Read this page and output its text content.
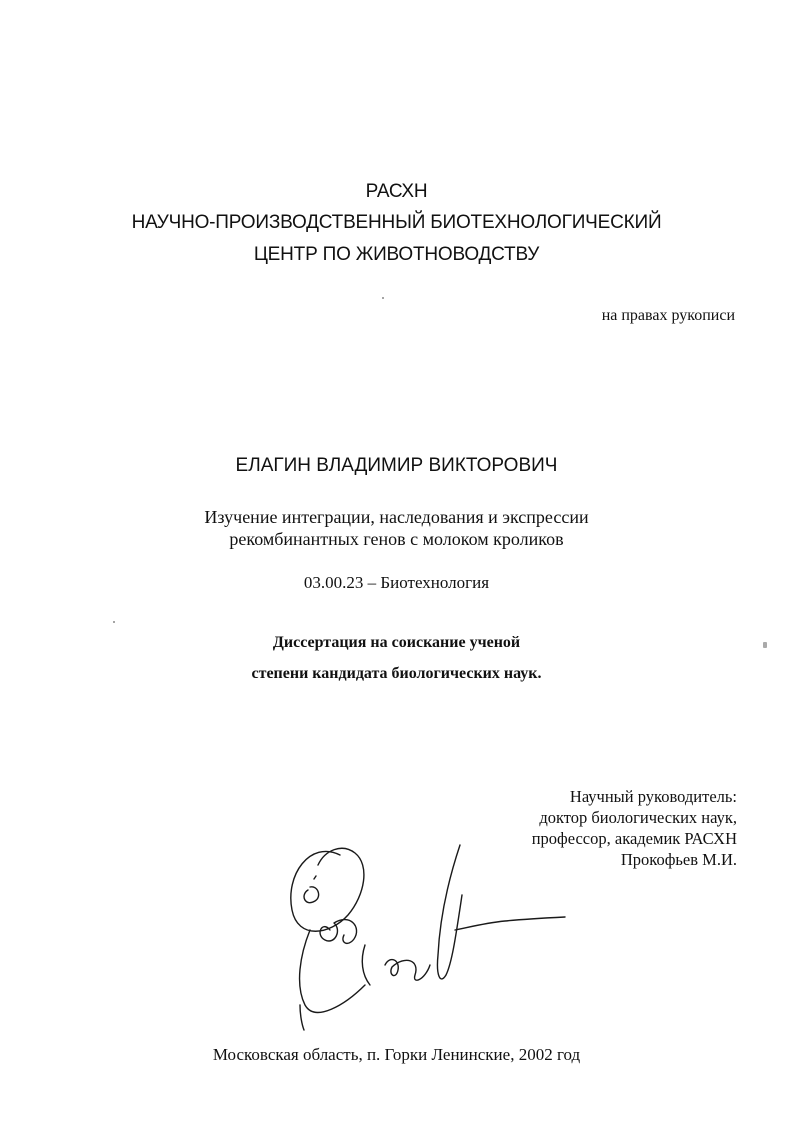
РАСХН
НАУЧНО-ПРОИЗВОДСТВЕННЫЙ БИОТЕХНОЛОГИЧЕСКИЙ
ЦЕНТР ПО ЖИВОТНОВОДСТВУ
на правах рукописи
ЕЛАГИН ВЛАДИМИР ВИКТОРОВИЧ
Изучение интеграции, наследования и экспрессии
рекомбинантных генов с молоком кроликов
03.00.23 – Биотехнология
Диссертация на соискание ученой
степени кандидата биологических наук.
Научный руководитель:
доктор биологических наук,
профессор, академик РАСХН
Прокофьев М.И.
Московская область, п. Горки Ленинские, 2002 год
